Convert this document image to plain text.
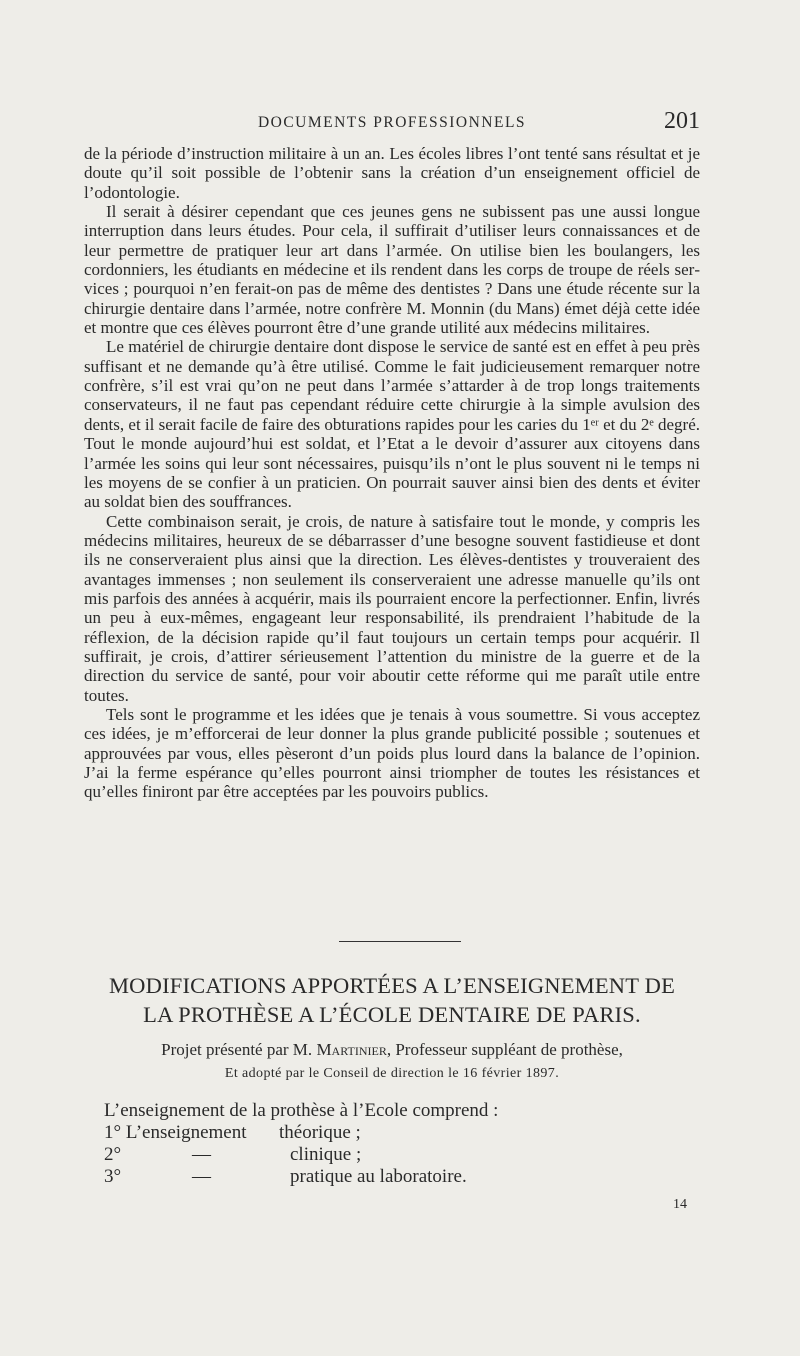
DOCUMENTS PROFESSIONNELS	201

de la période d’instruction militaire à un an. Les écoles libres l’ont tenté sans résultat et je doute qu’il soit possible de l’obtenir sans la création d’un enseignement officiel de l’odontologie.

Il serait à désirer cependant que ces jeunes gens ne subissent pas une aussi longue interruption dans leurs études. Pour cela, il suffirait d’utiliser leurs connaissances et de leur permettre de pratiquer leur art dans l’armée. On utilise bien les boulangers, les cordonniers, les étudiants en médecine et ils rendent dans les corps de troupe de réels services ; pourquoi n’en ferait-on pas de même des dentistes ? Dans une étude récente sur la chirurgie dentaire dans l’armée, notre confrère M. Monnin (du Mans) émet déjà cette idée et montre que ces élèves pourront être d’une grande utilité aux médecins militaires.

Le matériel de chirurgie dentaire dont dispose le service de santé est en effet à peu près suffisant et ne demande qu’à être utilisé. Comme le fait judicieusement remarquer notre confrère, s’il est vrai qu’on ne peut dans l’armée s’attarder à de trop longs traitements conservateurs, il ne faut pas cependant réduire cette chirurgie à la simple avulsion des dents, et il serait facile de faire des obturations rapides pour les caries du 1ᵉʳ et du 2ᵉ degré. Tout le monde aujourd’hui est soldat, et l’Etat a le devoir d’assurer aux citoyens dans l’armée les soins qui leur sont nécessaires, puisqu’ils n’ont le plus souvent ni le temps ni les moyens de se confier à un praticien. On pourrait sauver ainsi bien des dents et éviter au soldat bien des souffrances.

Cette combinaison serait, je crois, de nature à satisfaire tout le monde, y compris les médecins militaires, heureux de se débarrasser d’une besogne souvent fastidieuse et dont ils ne conserveraient plus ainsi que la direction. Les élèves-dentistes y trouveraient des avantages immenses ; non seulement ils conserveraient une adresse manuelle qu’ils ont mis parfois des années à acquérir, mais ils pourraient encore la perfectionner. Enfin, livrés un peu à eux-mêmes, engageant leur responsabilité, ils prendraient l’habitude de la réflexion, de la décision rapide qu’il faut toujours un certain temps pour acquérir. Il suffirait, je crois, d’attirer sérieusement l’attention du ministre de la guerre et de la direction du service de santé, pour voir aboutir cette réforme qui me paraît utile entre toutes.

Tels sont le programme et les idées que je tenais à vous soumettre. Si vous acceptez ces idées, je m’efforcerai de leur donner la plus grande publicité possible ; soutenues et approuvées par vous, elles pèseront d’un poids plus lourd dans la balance de l’opinion. J’ai la ferme espérance qu’elles pourront ainsi triompher de toutes les résistances et qu’elles finiront par être acceptées par les pouvoirs publics.

MODIFICATIONS APPORTÉES A L’ENSEIGNEMENT DE
LA PROTHÈSE A L’ÉCOLE DENTAIRE DE PARIS.

Projet présenté par M. Martinier, Professeur suppléant de prothèse,

Et adopté par le Conseil de direction le 16 février 1897.

L’enseignement de la prothèse à l’Ecole comprend :

1° L’enseignement théorique ;
2°	—	clinique ;
3°	—	pratique au laboratoire.
14
